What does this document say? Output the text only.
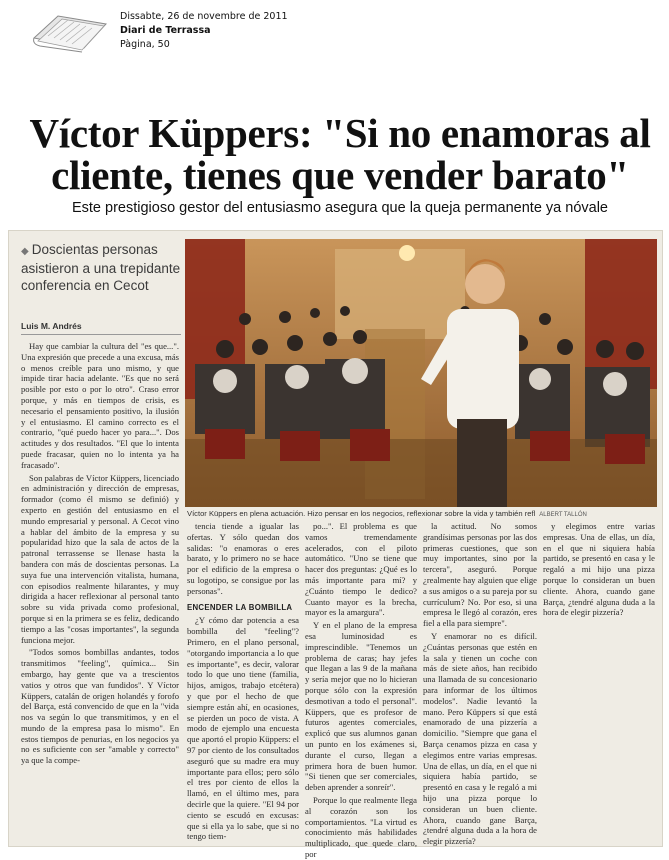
Dissabte, 26 de novembre de 2011
Diari de Terrassa
Pàgina, 50
Víctor Küppers: "Si no enamoras al
cliente, tienes que vender barato"

Este prestigioso gestor del entusiasmo asegura que la queja permanente ya nóvale

◆ Doscientas personas asistieron a una trepidante conferencia en Cecot
Luis M. Andrés

Hay que cambiar la cultura del "es que...". Una expresión que precede a una excusa, más o menos creíble para uno mismo, y que impide tirar hacia adelante. "Es que no será posible por esto o por lo otro". Craso error porque, y más en tiempos de crisis, es necesario el pensamiento positivo, la ilusión y el entusiasmo. El camino correcto es el contrario, "qué puedo hacer yo para...". Dos actitudes y dos resultados. "El que lo intenta puede fracasar, quien no lo intenta ya ha fracasado".

Son palabras de Víctor Küppers, licenciado en administración y dirección de empresas, formador (como él mismo se definió) y experto en gestión del entusiasmo en el mundo empresarial y personal. A Cecot vino a hablar del ámbito de la empresa y su popularidad hizo que la sala de actos de la patronal terrassense se llenase hasta la bandera con más de doscientas personas. La suya fue una intervención vitalista, humana, con episodios realmente hilarantes, y muy dirigida a hacer reflexionar al personal tanto sobre su vida privada como profesional, porque si en la primera se es feliz, dedicando tiempo a las "cosas importantes", la segunda funciona mejor.

"Todos somos bombillas andantes, todos transmitimos "feeling", química... Sin embargo, hay gente que va a trescientos vatios y otros que van fundidos". Y Víctor Küppers, catalán de origen holandés y forofo del Barça, está convencido de que en la "vida nos va según lo que transmitimos, y en el mundo de la empresa pasa lo mismo". En estos tiempos de penurias, en los negocios ya no es suficiente con ser "amable y correcto" ya que la compe-

Víctor Küppers en plena actuación. Hizo pensar en los negocios, reflexionar sobre la vida y también refl ALBERT TALLÓN

tencia tiende a igualar las ofertas. Y sólo quedan dos salidas: "o enamoras o eres barato, y lo primero no se hace por el edificio de la empresa o su logotipo, se consigue por las personas".

ENCENDER LA BOMBILLA

¿Y cómo dar potencia a esa bombilla del "feeling"? Primero, en el plano personal, "otorgando importancia a lo que es importante", es decir, valorar todo lo que uno tiene (familia, hijos, amigos, trabajo etcétera) y que por el hecho de que siempre están ahí, en ocasiones, se pierden un poco de vista. A modo de ejemplo una encuesta que aportó el propio Küppers: el 97 por ciento de los consultados aseguró que su madre era muy importante para ellos; pero sólo el tres por ciento de ellos la llamó, en el último mes, para decirle que la quiere. "El 94 por ciento se escudó en excusas: que si ella ya lo sabe, que si no tengo tiem-

po...". El problema es que vamos tremendamente acelerados, con el piloto automático. "Uno se tiene que hacer dos preguntas: ¿Qué es lo más importante para mí? y ¿Cuánto tiempo le dedico? Cuanto mayor es la brecha, mayor es la amargura".

Y en el plano de la empresa esa luminosidad es imprescindible. "Tenemos un problema de caras; hay jefes que llegan a las 9 de la mañana y sería mejor que no lo hicieran porque sólo con la expresión desmotivan a todo el personal". Küppers, que es profesor de futuros agentes comerciales, explicó que sus alumnos ganan un punto en los exámenes si, durante el curso, llegan a primera hora de buen humor. "Si tienen que ser comerciales, deben aprender a sonreír".

Porque lo que realmente llega al corazón son los comportamientos. "La virtud es conocimiento más habilidades multiplicado, que quede claro, por

la actitud. No somos grandísimas personas por las dos primeras cuestiones, que son muy importantes, sino por la tercera", aseguró. Porque ¿realmente hay alguien que elige a sus amigos o a su pareja por su currículum? No. Por eso, si una empresa le llegó al corazón, eres fiel a ella para siempre".

Y enamorar no es difícil. ¿Cuántas personas que estén en la sala y tienen un coche con más de siete años, han recibido una llamada de su concesionario para informar de los últimos modelos". Nadie levantó la mano. Pero Küppers sí que está enamorado de una pizzería a domicilio. "Siempre que gana el Barça cenamos pizza en casa y elegimos entre varias empresas. Una de ellas, un día, en el que ni siquiera había partido, se presentó en casa y le regaló a mi hijo una pizza porque lo consideran un buen cliente. Ahora, cuando gane Barça, ¿tendré alguna duda a la hora de elegir pizzería?

y elegimos entre varias empresas. Una de ellas, un día, en el que ni siquiera había partido, se presentó en casa y le regaló a mi hijo una pizza porque lo consideran un buen cliente. Ahora, cuando gane Barça, ¿tendré alguna duda a la hora de elegir pizzería?
